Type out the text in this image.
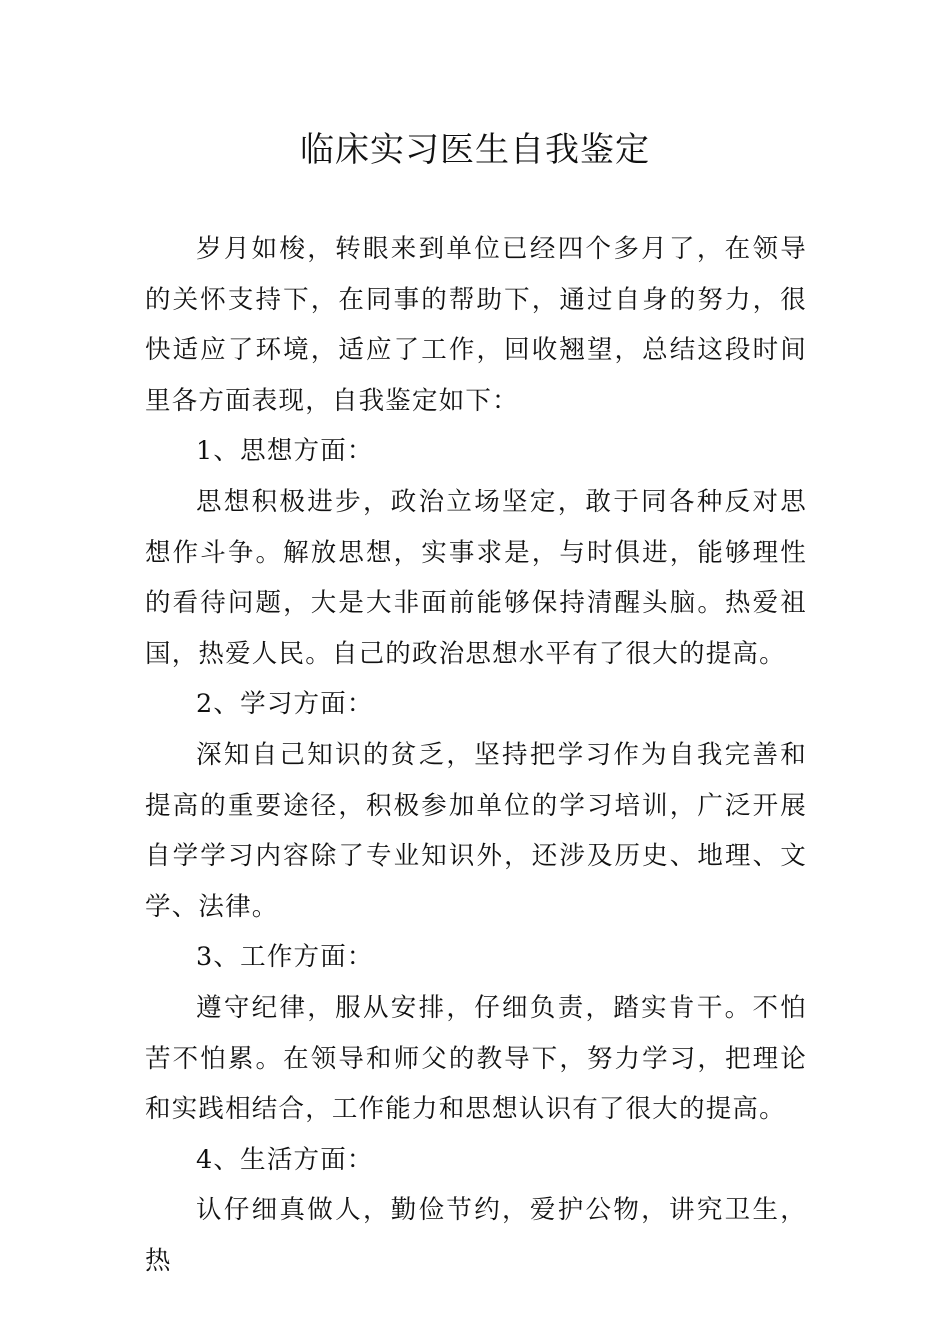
临床实习医生自我鉴定

岁月如梭，转眼来到单位已经四个多月了，在领导的关怀支持下，在同事的帮助下，通过自身的努力，很快适应了环境，适应了工作，回收翘望，总结这段时间里各方面表现，自我鉴定如下：

1、思想方面：

思想积极进步，政治立场坚定，敢于同各种反对思想作斗争。解放思想，实事求是，与时俱进，能够理性的看待问题，大是大非面前能够保持清醒头脑。热爱祖国，热爱人民。自己的政治思想水平有了很大的提高。

2、学习方面：

深知自己知识的贫乏，坚持把学习作为自我完善和提高的重要途径，积极参加单位的学习培训，广泛开展自学学习内容除了专业知识外，还涉及历史、地理、文学、法律。

3、工作方面：

遵守纪律，服从安排，仔细负责，踏实肯干。不怕苦不怕累。在领导和师父的教导下，努力学习，把理论和实践相结合，工作能力和思想认识有了很大的提高。

4、生活方面：

认仔细真做人，勤俭节约，爱护公物，讲究卫生，热
